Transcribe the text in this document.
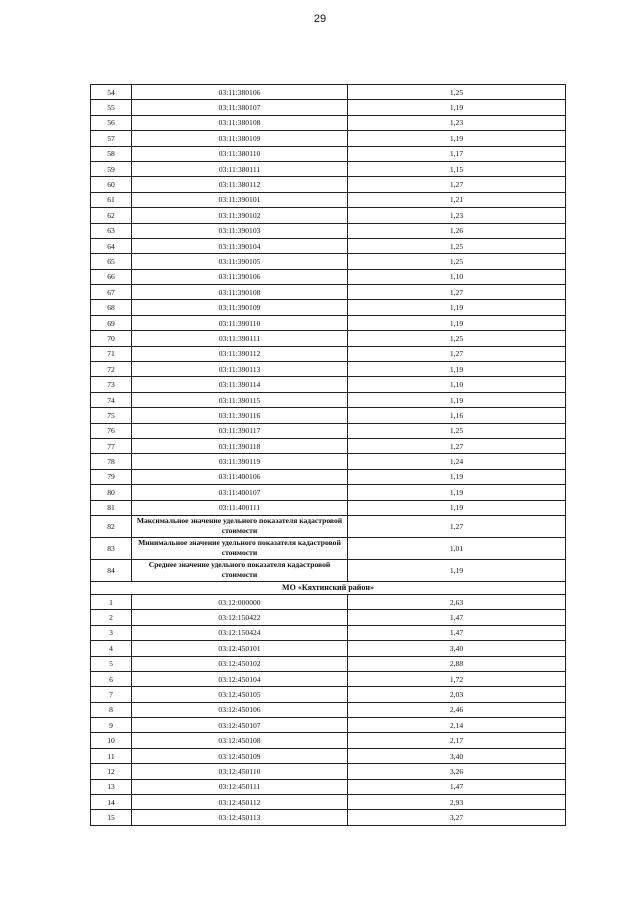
29
54	03:11:380106	1,25
55	03:11:380107	1,19
56	03:11:380108	1,23
57	03:11:380109	1,19
58	03:11:380110	1,17
59	03:11:380111	1,15
60	03:11:380112	1,27
61	03:11:390101	1,21
62	03:11:390102	1,23
63	03:11:390103	1,26
64	03:11:390104	1,25
65	03:11:390105	1,25
66	03:11:390106	1,10
67	03:11:390108	1,27
68	03:11:390109	1,19
69	03:11:390110	1,19
70	03:11:390111	1,25
71	03:11:390112	1,27
72	03:11:390113	1,19
73	03:11:390114	1,10
74	03:11:390115	1,19
75	03:11:390116	1,16
76	03:11:390117	1,25
77	03:11:390118	1,27
78	03:11:390119	1,24
79	03:11:400106	1,19
80	03:11:400107	1,19
81	03:11:400111	1,19
82	Максимальное значение удельного показателя кадастровой стоимости	1,27
83	Минимальное значение удельного показателя кадастровой стоимости	1,01
84	Среднее значение удельного показателя кадастровой стоимости	1,19
МО «Кяхтинский район»		
1	03:12:000000	2,63
2	03:12:150422	1,47
3	03:12:150424	1,47
4	03:12:450101	3,40
5	03:12:450102	2,88
6	03:12:450104	1,72
7	03:12:450105	2,03
8	03:12:450106	2,46
9	03:12:450107	2,14
10	03:12:450108	2,17
11	03:12:450109	3,40
12	03:12:450110	3,26
13	03:12:450111	1,47
14	03:12:450112	2,93
15	03:12:450113	3,27
